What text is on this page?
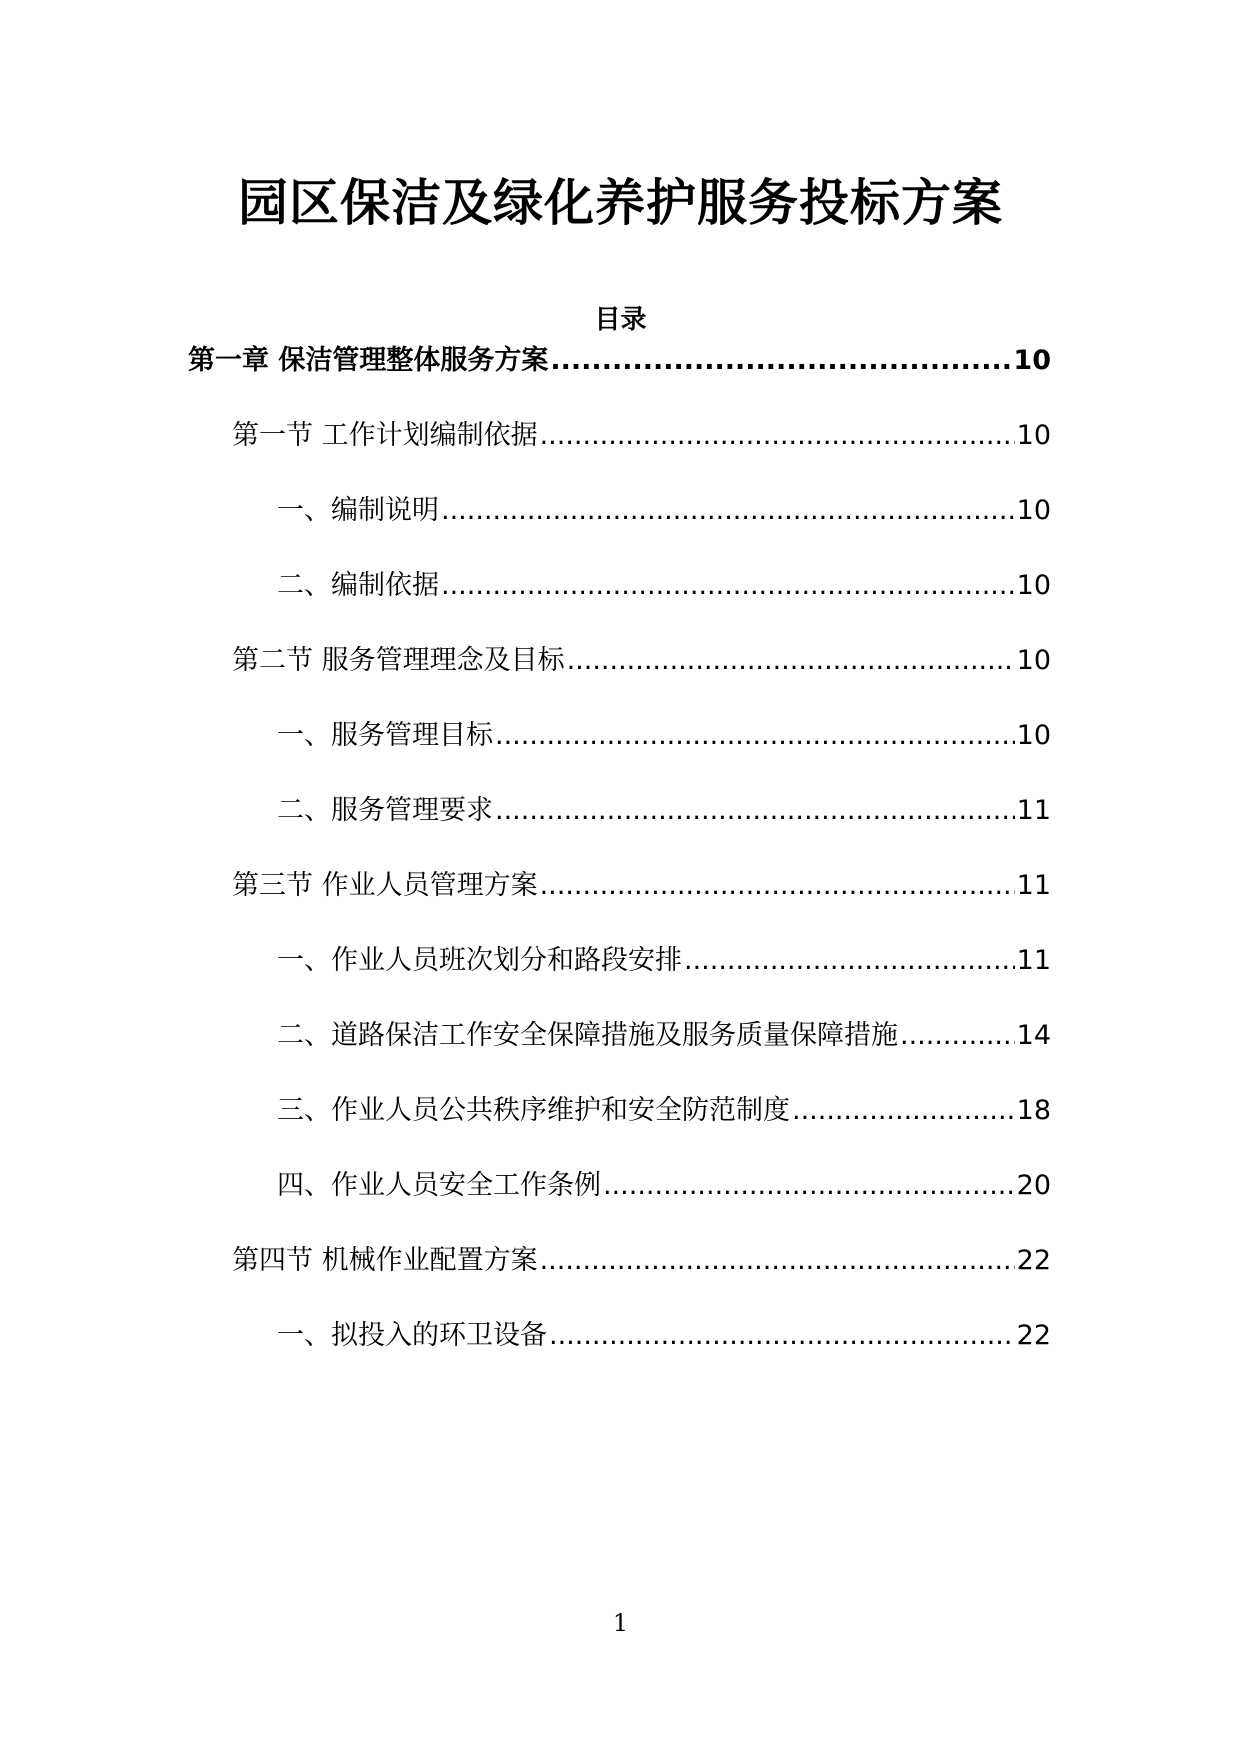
园区保洁及绿化养护服务投标方案
目录
第一章 保洁管理整体服务方案 .....	10
第一节 工作计划编制依据 .....	10
一、编制说明 .....	10
二、编制依据 .....	10
第二节 服务管理理念及目标 .....	10
一、服务管理目标 .....	10
二、服务管理要求 .....	11
第三节 作业人员管理方案 .....	11
一、作业人员班次划分和路段安排 .....	11
二、道路保洁工作安全保障措施及服务质量保障措施 .....	14
三、作业人员公共秩序维护和安全防范制度 .....	18
四、作业人员安全工作条例 .....	20
第四节 机械作业配置方案 .....	22
一、拟投入的环卫设备 .....	22
1
